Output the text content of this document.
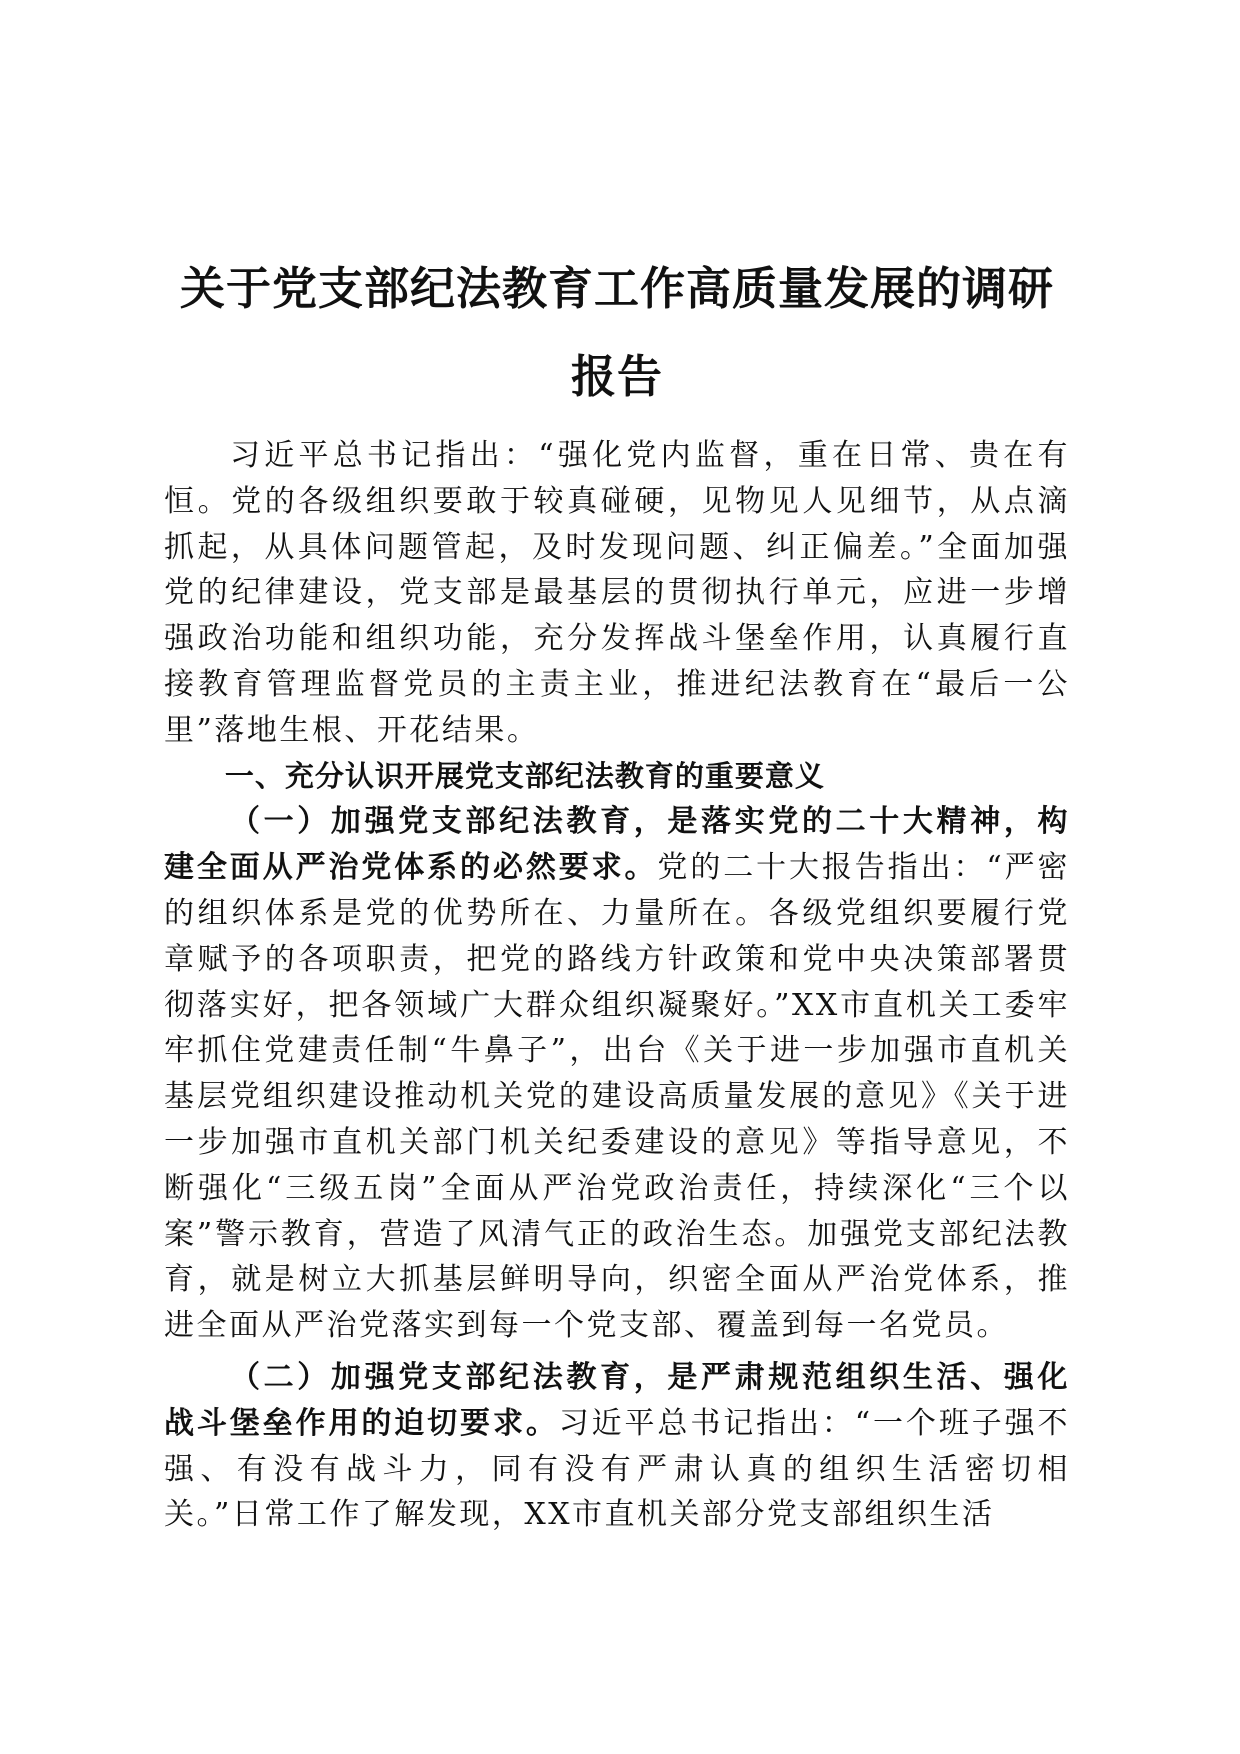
关于党支部纪法教育工作高质量发展的调研报告

习近平总书记指出：“强化党内监督，重在日常、贵在有恒。党的各级组织要敢于较真碰硬，见物见人见细节，从点滴抓起，从具体问题管起，及时发现问题、纠正偏差。”全面加强党的纪律建设，党支部是最基层的贯彻执行单元，应进一步增强政治功能和组织功能，充分发挥战斗堡垒作用，认真履行直接教育管理监督党员的主责主业，推进纪法教育在“最后一公里”落地生根、开花结果。

一、充分认识开展党支部纪法教育的重要意义

（一）加强党支部纪法教育，是落实党的二十大精神，构建全面从严治党体系的必然要求。党的二十大报告指出：“严密的组织体系是党的优势所在、力量所在。各级党组织要履行党章赋予的各项职责，把党的路线方针政策和党中央决策部署贯彻落实好，把各领域广大群众组织凝聚好。”XX市直机关工委牢牢抓住党建责任制“牛鼻子”，出台《关于进一步加强市直机关基层党组织建设推动机关党的建设高质量发展的意见》《关于进一步加强市直机关部门机关纪委建设的意见》等指导意见，不断强化“三级五岗”全面从严治党政治责任，持续深化“三个以案”警示教育，营造了风清气正的政治生态。加强党支部纪法教育，就是树立大抓基层鲜明导向，织密全面从严治党体系，推进全面从严治党落实到每一个党支部、覆盖到每一名党员。

（二）加强党支部纪法教育，是严肃规范组织生活、强化战斗堡垒作用的迫切要求。习近平总书记指出：“一个班子强不强、有没有战斗力，同有没有严肃认真的组织生活密切相关。”日常工作了解发现，XX市直机关部分党支部组织生活
